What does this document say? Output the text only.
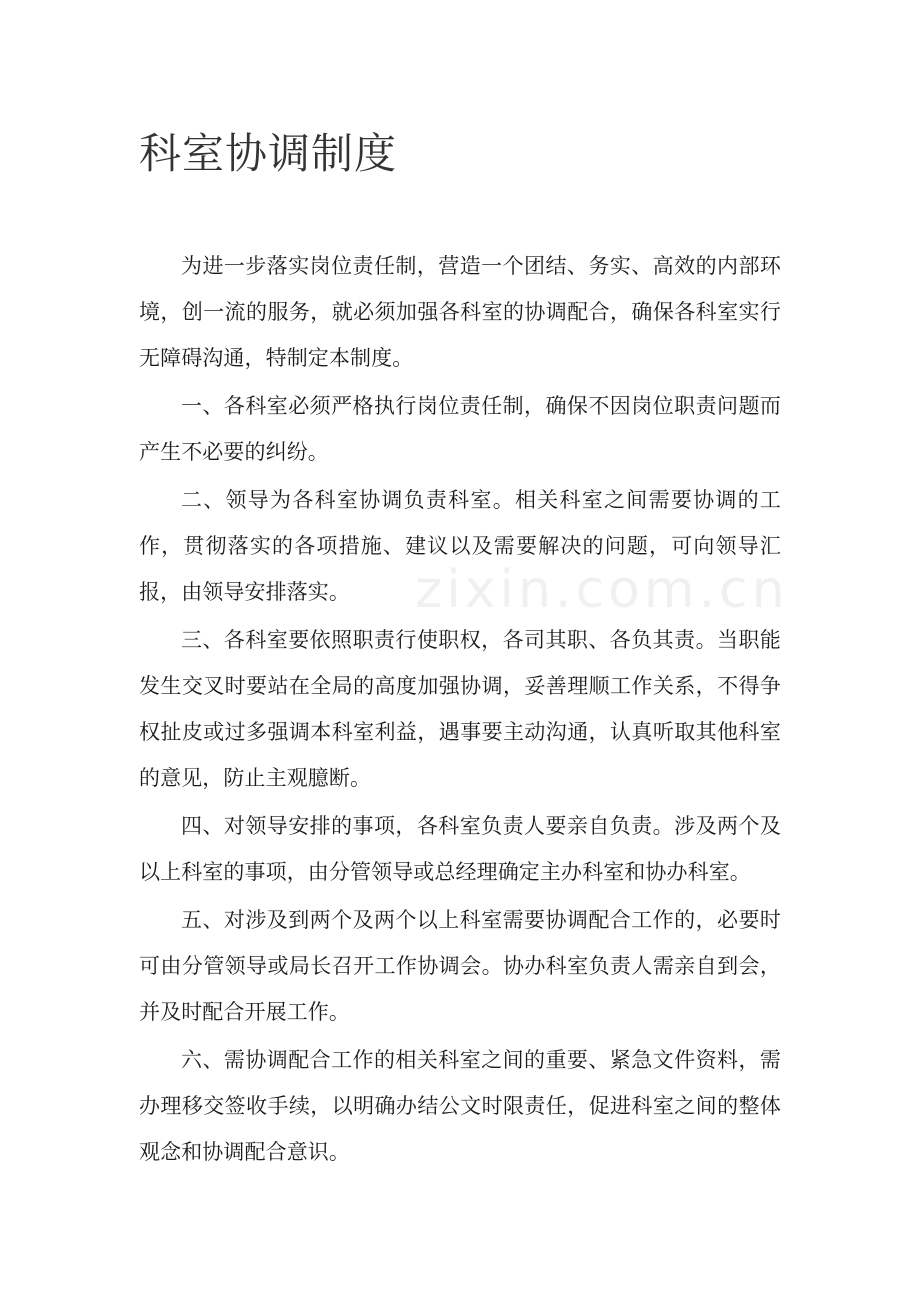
科室协调制度

为进一步落实岗位责任制，营造一个团结、务实、高效的内部环境，创一流的服务，就必须加强各科室的协调配合，确保各科室实行无障碍沟通，特制定本制度。

一、各科室必须严格执行岗位责任制，确保不因岗位职责问题而产生不必要的纠纷。

二、领导为各科室协调负责科室。相关科室之间需要协调的工作，贯彻落实的各项措施、建议以及需要解决的问题，可向领导汇报，由领导安排落实。

三、各科室要依照职责行使职权，各司其职、各负其责。当职能发生交叉时要站在全局的高度加强协调，妥善理顺工作关系，不得争权扯皮或过多强调本科室利益，遇事要主动沟通，认真听取其他科室的意见，防止主观臆断。

四、对领导安排的事项，各科室负责人要亲自负责。涉及两个及以上科室的事项，由分管领导或总经理确定主办科室和协办科室。

五、对涉及到两个及两个以上科室需要协调配合工作的，必要时可由分管领导或局长召开工作协调会。协办科室负责人需亲自到会，并及时配合开展工作。

六、需协调配合工作的相关科室之间的重要、紧急文件资料，需办理移交签收手续，以明确办结公文时限责任，促进科室之间的整体观念和协调配合意识。

zixin.com.cn
